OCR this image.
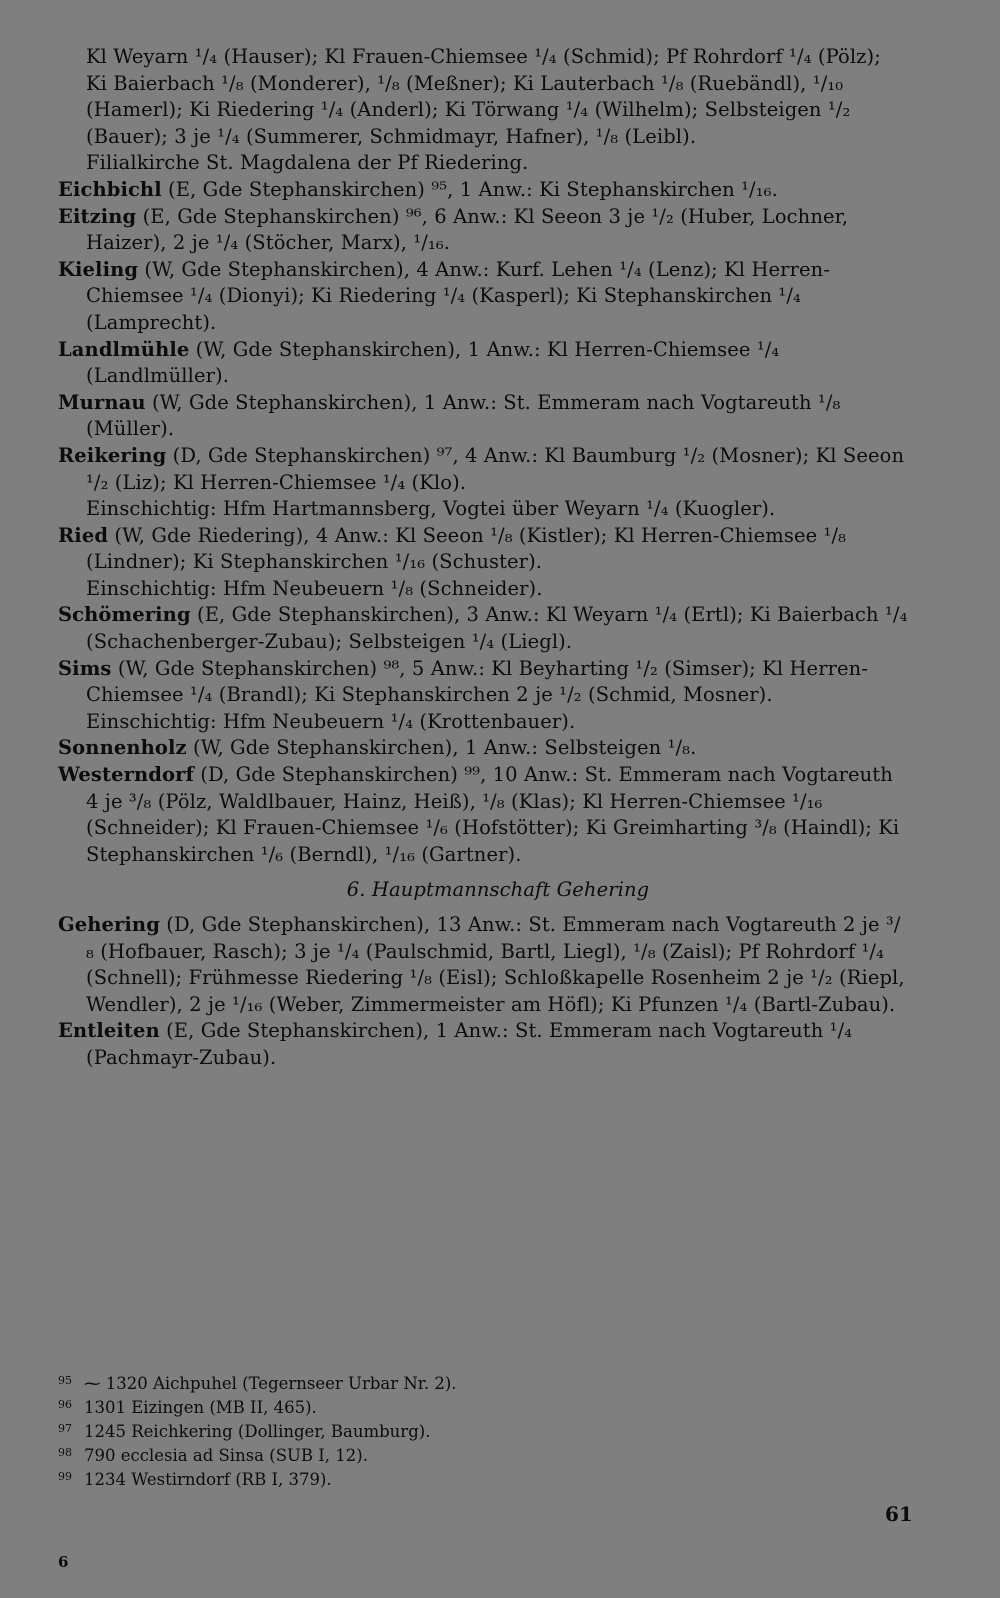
Kl Weyarn ¹/₄ (Hauser); Kl Frauen-Chiemsee ¹/₄ (Schmid); Pf Rohrdorf ¹/₄ (Pölz); Ki Baierbach ¹/₈ (Monderer), ¹/₈ (Meßner); Ki Lauterbach ¹/₈ (Ruebändl), ¹/₁₀ (Hamerl); Ki Riedering ¹/₄ (Anderl); Ki Törwang ¹/₄ (Wilhelm); Selbsteigen ¹/₂ (Bauer); 3 je ¹/₄ (Summerer, Schmidmayr, Hafner), ¹/₈ (Leibl).
Filialkirche St. Magdalena der Pf Riedering.
Eichbichl (E, Gde Stephanskirchen) ⁹⁵, 1 Anw.: Ki Stephanskirchen ¹/₁₆.
Eitzing (E, Gde Stephanskirchen) ⁹⁶, 6 Anw.: Kl Seeon 3 je ¹/₂ (Huber, Lochner, Haizer), 2 je ¹/₄ (Stöcher, Marx), ¹/₁₆.
Kieling (W, Gde Stephanskirchen), 4 Anw.: Kurf. Lehen ¹/₄ (Lenz); Kl Herren-Chiemsee ¹/₄ (Dionyi); Ki Riedering ¹/₄ (Kasperl); Ki Stephanskirchen ¹/₄ (Lamprecht).
Landlmühle (W, Gde Stephanskirchen), 1 Anw.: Kl Herren-Chiemsee ¹/₄ (Landlmüller).
Murnau (W, Gde Stephanskirchen), 1 Anw.: St. Emmeram nach Vogtareuth ¹/₈ (Müller).
Reikering (D, Gde Stephanskirchen) ⁹⁷, 4 Anw.: Kl Baumburg ¹/₂ (Mosner); Kl Seeon ¹/₂ (Liz); Kl Herren-Chiemsee ¹/₄ (Klo).
Einschichtig: Hfm Hartmannsberg, Vogtei über Weyarn ¹/₄ (Kuogler).
Ried (W, Gde Riedering), 4 Anw.: Kl Seeon ¹/₈ (Kistler); Kl Herren-Chiemsee ¹/₈ (Lindner); Ki Stephanskirchen ¹/₁₆ (Schuster).
Einschichtig: Hfm Neubeuern ¹/₈ (Schneider).
Schömering (E, Gde Stephanskirchen), 3 Anw.: Kl Weyarn ¹/₄ (Ertl); Ki Baierbach ¹/₄ (Schachenberger-Zubau); Selbsteigen ¹/₄ (Liegl).
Sims (W, Gde Stephanskirchen) ⁹⁸, 5 Anw.: Kl Beyharting ¹/₂ (Simser); Kl Herren-Chiemsee ¹/₄ (Brandl); Ki Stephanskirchen 2 je ¹/₂ (Schmid, Mosner).
Einschichtig: Hfm Neubeuern ¹/₄ (Krottenbauer).
Sonnenholz (W, Gde Stephanskirchen), 1 Anw.: Selbsteigen ¹/₈.
Westerndorf (D, Gde Stephanskirchen) ⁹⁹, 10 Anw.: St. Emmeram nach Vogtareuth 4 je ³/₈ (Pölz, Waldlbauer, Hainz, Heiß), ¹/₈ (Klas); Kl Herren-Chiemsee ¹/₁₆ (Schneider); Kl Frauen-Chiemsee ¹/₆ (Hofstötter); Ki Greimharting ³/₈ (Haindl); Ki Stephanskirchen ¹/₆ (Berndl), ¹/₁₆ (Gartner).
6. Hauptmannschaft Gehering
Gehering (D, Gde Stephanskirchen), 13 Anw.: St. Emmeram nach Vogtareuth 2 je ³/₈ (Hofbauer, Rasch); 3 je ¹/₄ (Paulschmid, Bartl, Liegl), ¹/₈ (Zaisl); Pf Rohrdorf ¹/₄ (Schnell); Frühmesse Riedering ¹/₈ (Eisl); Schloßkapelle Rosenheim 2 je ¹/₂ (Riepl, Wendler), 2 je ¹/₁₆ (Weber, Zimmermeister am Höfl); Ki Pfunzen ¹/₄ (Bartl-Zubau).
Entleiten (E, Gde Stephanskirchen), 1 Anw.: St. Emmeram nach Vogtareuth ¹/₄ (Pachmayr-Zubau).
95 ⁓ 1320 Aichpuhel (Tegernseer Urbar Nr. 2).
96 1301 Eizingen (MB II, 465).
97 1245 Reichkering (Dollinger, Baumburg).
98 790 ecclesia ad Sinsa (SUB I, 12).
99 1234 Westirndorf (RB I, 379).
61
6
